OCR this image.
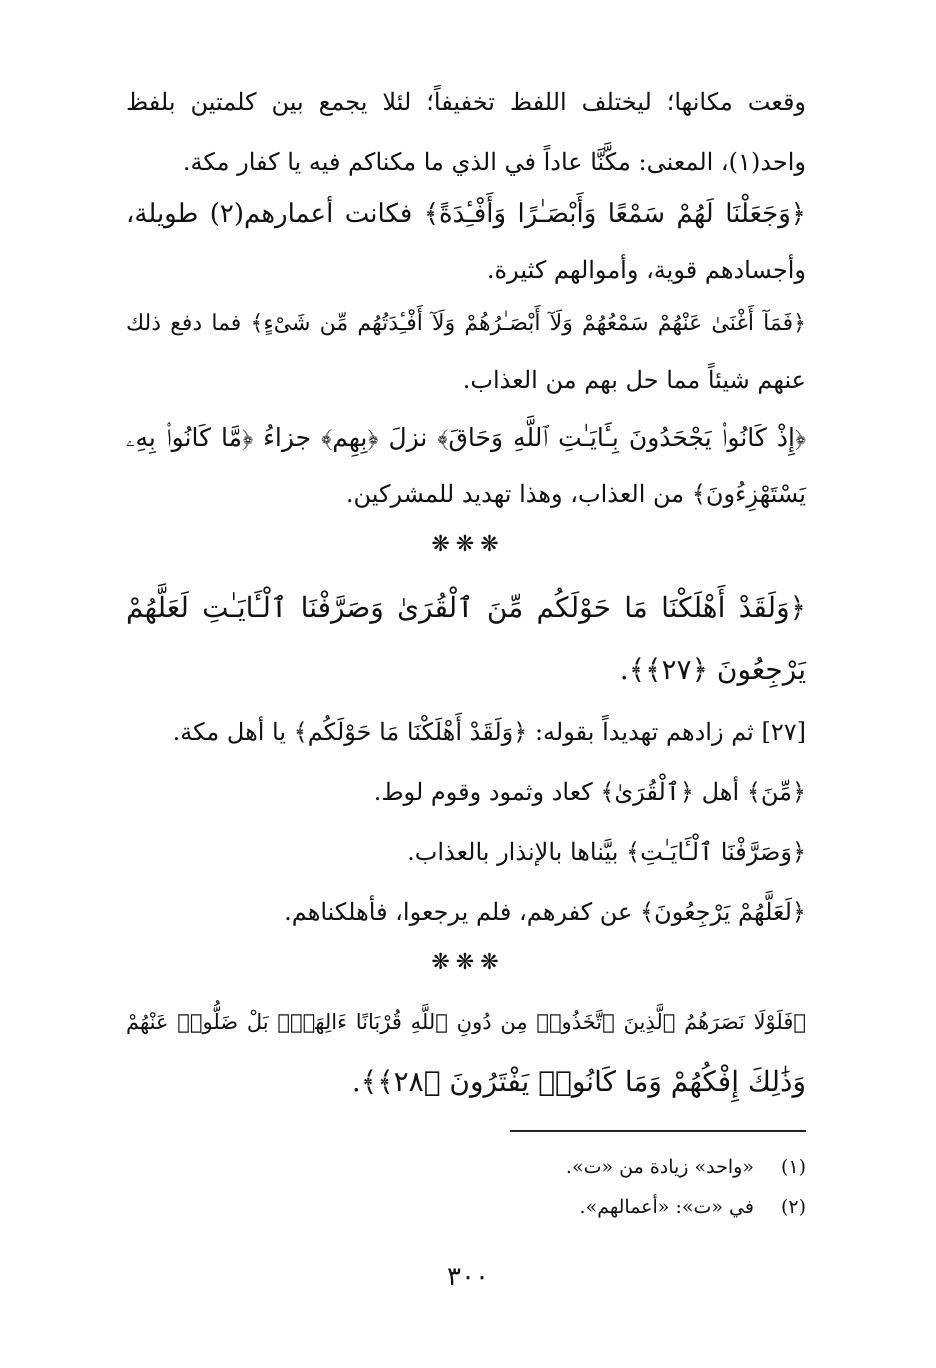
وقعت مكانها؛ ليختلف اللفظ تخفيفاً؛ لئلا يجمع بين كلمتين بلفظ
واحد(١)، المعنى: مكَّنَّا عاداً في الذي ما مكناكم فيه يا كفار مكة.
﴿وَجَعَلْنَا لَهُمْ سَمْعًا وَأَبْصَـٰرًا وَأَفْـِٔدَةً﴾ فكانت أعمارهم(٢) طويلة،
وأجسادهم قوية، وأموالهم كثيرة.
﴿فَمَآ أَغْنَىٰ عَنْهُمْ سَمْعُهُمْ وَلَآ أَبْصَـٰرُهُمْ وَلَآ أَفْـِٔدَتُهُم مِّن شَىْءٍ﴾ فما دفع ذلك
عنهم شيئاً مما حل بهم من العذاب.
﴿إِذْ كَانُوا۟ يَجْحَدُونَ بِـَٔايَـٰتِ ٱللَّهِ وَحَاقَ﴾ نزلَ ﴿بِهِم﴾ جزاءُ ﴿مَّا كَانُوا۟ بِهِۦ
يَسْتَهْزِءُونَ﴾ من العذاب، وهذا تهديد للمشركين.
❋❋❋
﴿وَلَقَدْ أَهْلَكْنَا مَا حَوْلَكُم مِّنَ ٱلْقُرَىٰ وَصَرَّفْنَا ٱلْـَٔايَـٰتِ لَعَلَّهُمْ
يَرْجِعُونَ ﴿٢٧﴾﴾.
[٢٧] ثم زادهم تهديداً بقوله: ﴿وَلَقَدْ أَهْلَكْنَا مَا حَوْلَكُم﴾ يا أهل مكة.
﴿مِّنَ﴾ أهل ﴿ٱلْقُرَىٰ﴾ كعاد وثمود وقوم لوط.
﴿وَصَرَّفْنَا ٱلْـَٔايَـٰتِ﴾ بيَّناها بالإنذار بالعذاب.
﴿لَعَلَّهُمْ يَرْجِعُونَ﴾ عن كفرهم، فلم يرجعوا، فأهلكناهم.
❋❋❋
﴿فَلَوْلَا نَصَرَهُمُ ٱلَّذِينَ ٱتَّخَذُوا۟ مِن دُونِ ٱللَّهِ قُرْبَانًا ءَالِهَةًۢ بَلْ ضَلُّوا۟ عَنْهُمْ
وَذَٰلِكَ إِفْكُهُمْ وَمَا كَانُوا۟ يَفْتَرُونَ ﴿٢٨﴾﴾.
(١) «واحد» زيادة من «ت».
(٢) في «ت»: «أعمالهم».
٣٠٠
